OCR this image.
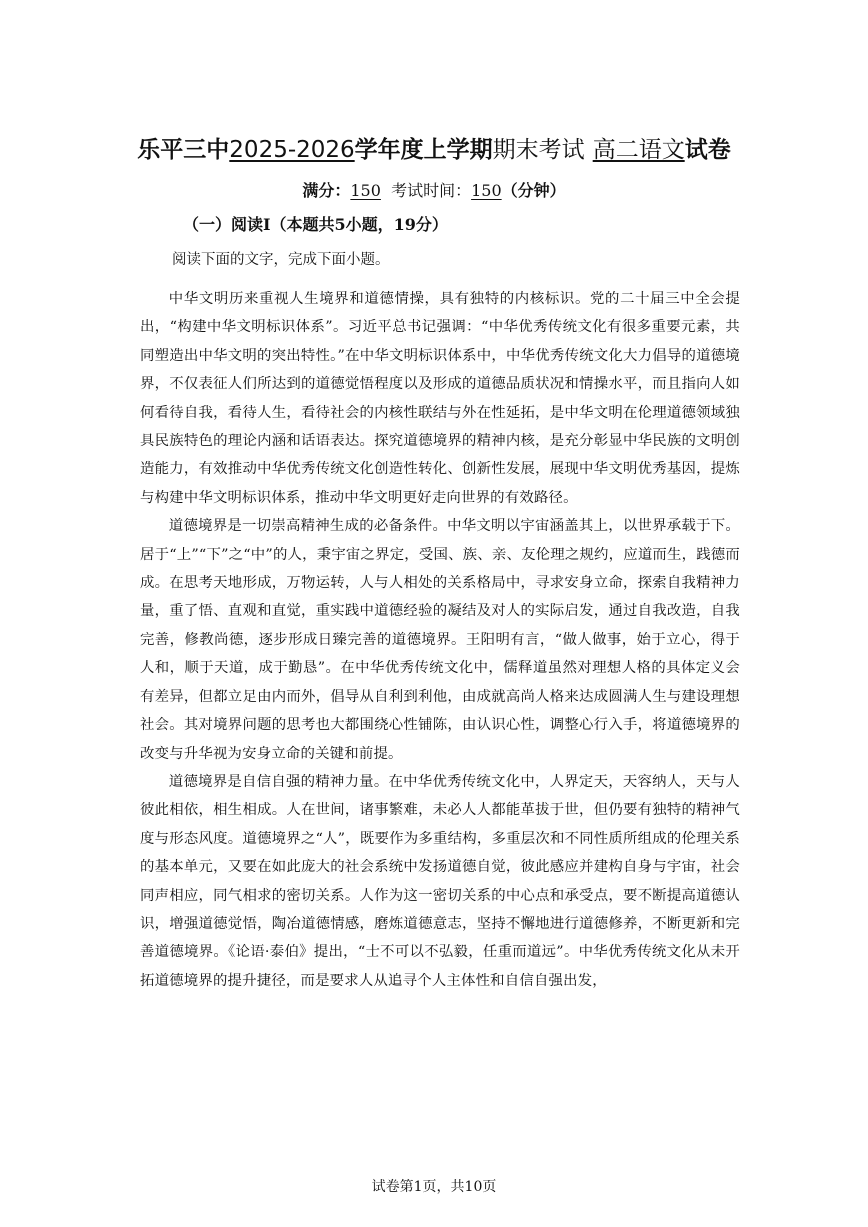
乐平三中2025-2026学年度上学期期末考试 高二语文试卷
满分：150 考试时间：150（分钟）
（一）阅读I（本题共5小题，19分）
阅读下面的文字，完成下面小题。

中华文明历来重视人生境界和道德情操，具有独特的内核标识。党的二十届三中全会提出，“构建中华文明标识体系”。习近平总书记强调：“中华优秀传统文化有很多重要元素，共同塑造出中华文明的突出特性。”在中华文明标识体系中，中华优秀传统文化大力倡导的道德境界，不仅表征人们所达到的道德觉悟程度以及形成的道德品质状况和情操水平，而且指向人如何看待自我，看待人生，看待社会的内核性联结与外在性延拓，是中华文明在伦理道德领域独具民族特色的理论内涵和话语表达。探究道德境界的精神内核，是充分彰显中华民族的文明创造能力，有效推动中华优秀传统文化创造性转化、创新性发展，展现中华文明优秀基因，提炼与构建中华文明标识体系，推动中华文明更好走向世界的有效路径。

道德境界是一切崇高精神生成的必备条件。中华文明以宇宙涵盖其上，以世界承载于下。居于“上”“下”之“中”的人，秉宇宙之界定，受国、族、亲、友伦理之规约，应道而生，践德而成。在思考天地形成，万物运转，人与人相处的关系格局中，寻求安身立命，探索自我精神力量，重了悟、直观和直觉，重实践中道德经验的凝结及对人的实际启发，通过自我改造，自我完善，修教尚德，逐步形成日臻完善的道德境界。王阳明有言，“做人做事，始于立心，得于人和，顺于天道，成于勤恳”。在中华优秀传统文化中，儒释道虽然对理想人格的具体定义会有差异，但都立足由内而外，倡导从自利到利他，由成就高尚人格来达成圆满人生与建设理想社会。其对境界问题的思考也大都围绕心性铺陈，由认识心性，调整心行入手，将道德境界的改变与升华视为安身立命的关键和前提。

道德境界是自信自强的精神力量。在中华优秀传统文化中，人界定天，天容纳人，天与人彼此相依，相生相成。人在世间，诸事繁难，未必人人都能革拔于世，但仍要有独特的精神气度与形态风度。道德境界之“人”，既要作为多重结构，多重层次和不同性质所组成的伦理关系的基本单元，又要在如此庞大的社会系统中发扬道德自觉，彼此感应并建构自身与宇宙，社会同声相应，同气相求的密切关系。人作为这一密切关系的中心点和承受点，要不断提高道德认识，增强道德觉悟，陶冶道德情感，磨炼道德意志，坚持不懈地进行道德修养，不断更新和完善道德境界。《论语·泰伯》提出，“士不可以不弘毅，任重而道远”。中华优秀传统文化从未开拓道德境界的提升捷径，而是要求人从追寻个人主体性和自信自强出发，

试卷第1页，共10页
